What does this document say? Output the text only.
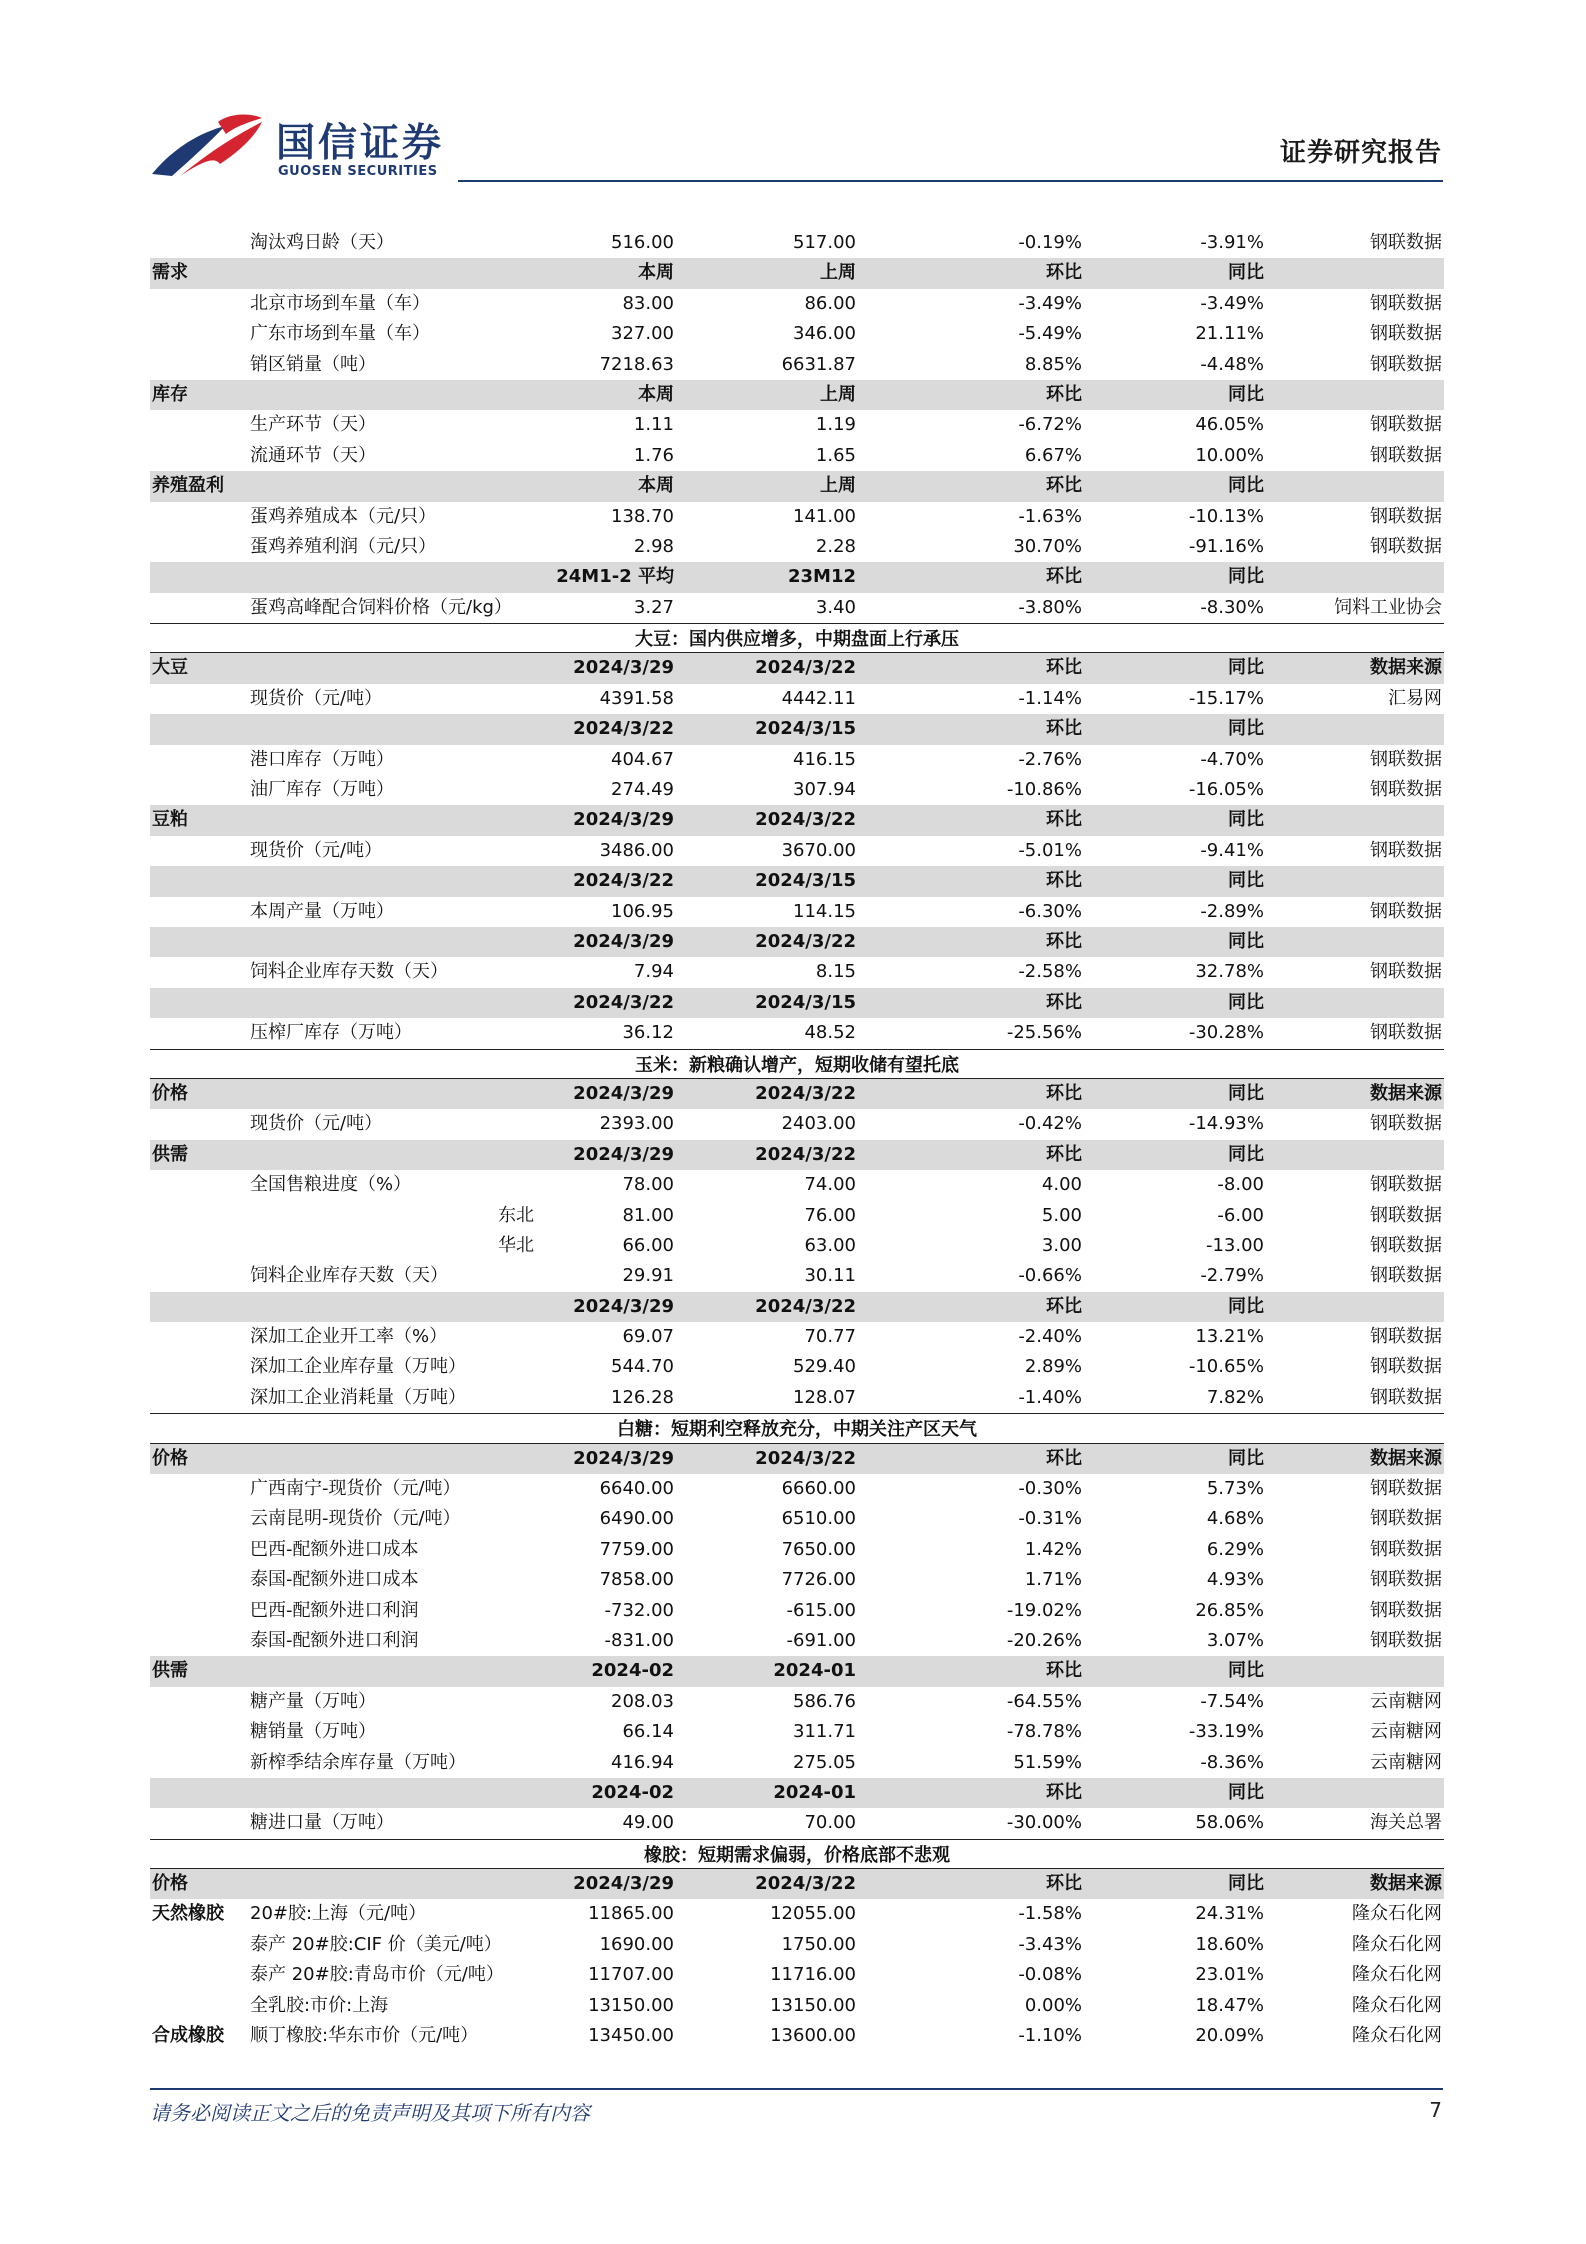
国信证券
GUOSEN SECURITIES
证券研究报告
淘汰鸡日龄（天）	516.00	517.00	-0.19%	-3.91%	钢联数据
需求	本周	上周	环比	同比
北京市场到车量（车）	83.00	86.00	-3.49%	-3.49%	钢联数据
广东市场到车量（车）	327.00	346.00	-5.49%	21.11%	钢联数据
销区销量（吨）	7218.63	6631.87	8.85%	-4.48%	钢联数据
库存	本周	上周	环比	同比
生产环节（天）	1.11	1.19	-6.72%	46.05%	钢联数据
流通环节（天）	1.76	1.65	6.67%	10.00%	钢联数据
养殖盈利	本周	上周	环比	同比
蛋鸡养殖成本（元/只）	138.70	141.00	-1.63%	-10.13%	钢联数据
蛋鸡养殖利润（元/只）	2.98	2.28	30.70%	-91.16%	钢联数据
24M1-2 平均	23M12	环比	同比
蛋鸡高峰配合饲料价格（元/kg）	3.27	3.40	-3.80%	-8.30%	饲料工业协会
大豆：国内供应增多，中期盘面上行承压
大豆	2024/3/29	2024/3/22	环比	同比	数据来源
现货价（元/吨）	4391.58	4442.11	-1.14%	-15.17%	汇易网
2024/3/22	2024/3/15	环比	同比
港口库存（万吨）	404.67	416.15	-2.76%	-4.70%	钢联数据
油厂库存（万吨）	274.49	307.94	-10.86%	-16.05%	钢联数据
豆粕	2024/3/29	2024/3/22	环比	同比
现货价（元/吨）	3486.00	3670.00	-5.01%	-9.41%	钢联数据
2024/3/22	2024/3/15	环比	同比
本周产量（万吨）	106.95	114.15	-6.30%	-2.89%	钢联数据
2024/3/29	2024/3/22	环比	同比
饲料企业库存天数（天）	7.94	8.15	-2.58%	32.78%	钢联数据
2024/3/22	2024/3/15	环比	同比
压榨厂库存（万吨）	36.12	48.52	-25.56%	-30.28%	钢联数据
玉米：新粮确认增产，短期收储有望托底
价格	2024/3/29	2024/3/22	环比	同比	数据来源
现货价（元/吨）	2393.00	2403.00	-0.42%	-14.93%	钢联数据
供需	2024/3/29	2024/3/22	环比	同比
全国售粮进度（%）	78.00	74.00	4.00	-8.00	钢联数据
东北	81.00	76.00	5.00	-6.00	钢联数据
华北	66.00	63.00	3.00	-13.00	钢联数据
饲料企业库存天数（天）	29.91	30.11	-0.66%	-2.79%	钢联数据
2024/3/29	2024/3/22	环比	同比
深加工企业开工率（%）	69.07	70.77	-2.40%	13.21%	钢联数据
深加工企业库存量（万吨）	544.70	529.40	2.89%	-10.65%	钢联数据
深加工企业消耗量（万吨）	126.28	128.07	-1.40%	7.82%	钢联数据
白糖：短期利空释放充分，中期关注产区天气
价格	2024/3/29	2024/3/22	环比	同比	数据来源
广西南宁-现货价（元/吨）	6640.00	6660.00	-0.30%	5.73%	钢联数据
云南昆明-现货价（元/吨）	6490.00	6510.00	-0.31%	4.68%	钢联数据
巴西-配额外进口成本	7759.00	7650.00	1.42%	6.29%	钢联数据
泰国-配额外进口成本	7858.00	7726.00	1.71%	4.93%	钢联数据
巴西-配额外进口利润	-732.00	-615.00	-19.02%	26.85%	钢联数据
泰国-配额外进口利润	-831.00	-691.00	-20.26%	3.07%	钢联数据
供需	2024-02	2024-01	环比	同比
糖产量（万吨）	208.03	586.76	-64.55%	-7.54%	云南糖网
糖销量（万吨）	66.14	311.71	-78.78%	-33.19%	云南糖网
新榨季结余库存量（万吨）	416.94	275.05	51.59%	-8.36%	云南糖网
2024-02	2024-01	环比	同比
糖进口量（万吨）	49.00	70.00	-30.00%	58.06%	海关总署
橡胶：短期需求偏弱，价格底部不悲观
价格	2024/3/29	2024/3/22	环比	同比	数据来源
天然橡胶 20#胶:上海（元/吨）	11865.00	12055.00	-1.58%	24.31%	隆众石化网
泰产 20#胶:CIF 价（美元/吨）	1690.00	1750.00	-3.43%	18.60%	隆众石化网
泰产 20#胶:青岛市价（元/吨）	11707.00	11716.00	-0.08%	23.01%	隆众石化网
全乳胶:市价:上海	13150.00	13150.00	0.00%	18.47%	隆众石化网
合成橡胶 顺丁橡胶:华东市价（元/吨）	13450.00	13600.00	-1.10%	20.09%	隆众石化网
请务必阅读正文之后的免责声明及其项下所有内容	7
